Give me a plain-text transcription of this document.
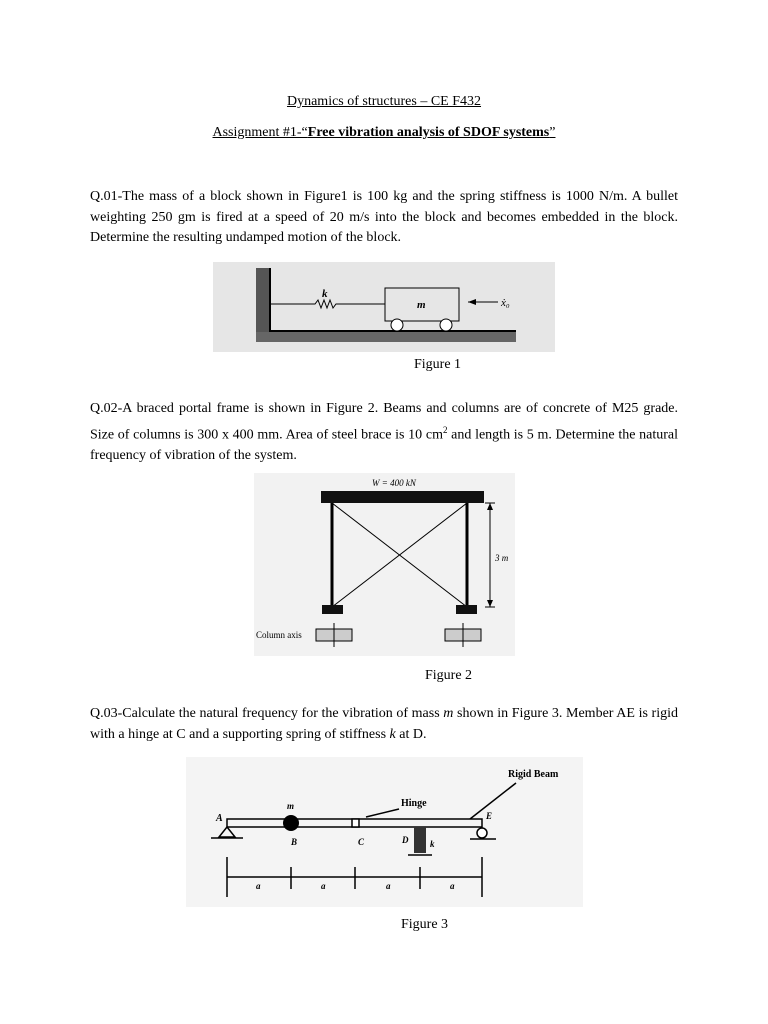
Dynamics of structures – CE F432
Assignment #1-“Free vibration analysis of SDOF systems”
Q.01-The mass of a block shown in Figure1 is 100 kg and the spring stiffness is 1000 N/m. A bullet weighting 250 gm is fired at a speed of 20 m/s into the block and becomes embedded in the block. Determine the resulting undamped motion of the block.
k
m	ẋ₀
Figure 1
Q.02-A braced portal frame is shown in Figure 2. Beams and columns are of concrete of M25 grade. Size of columns is 300 x 400 mm. Area of steel brace is 10 $cm^2$ and length is 5 m. Determine the natural frequency of vibration of the system.
W = 400 kN
3 m
Column axis
Figure 2
Q.03-Calculate the natural frequency for the vibration of mass m shown in Figure 3. Member AE is rigid with a hinge at C and a supporting spring of stiffness k at D.
Rigid Beam
Hinge
A
m
B	C	D k
E
a	a	a	a
Figure 3
